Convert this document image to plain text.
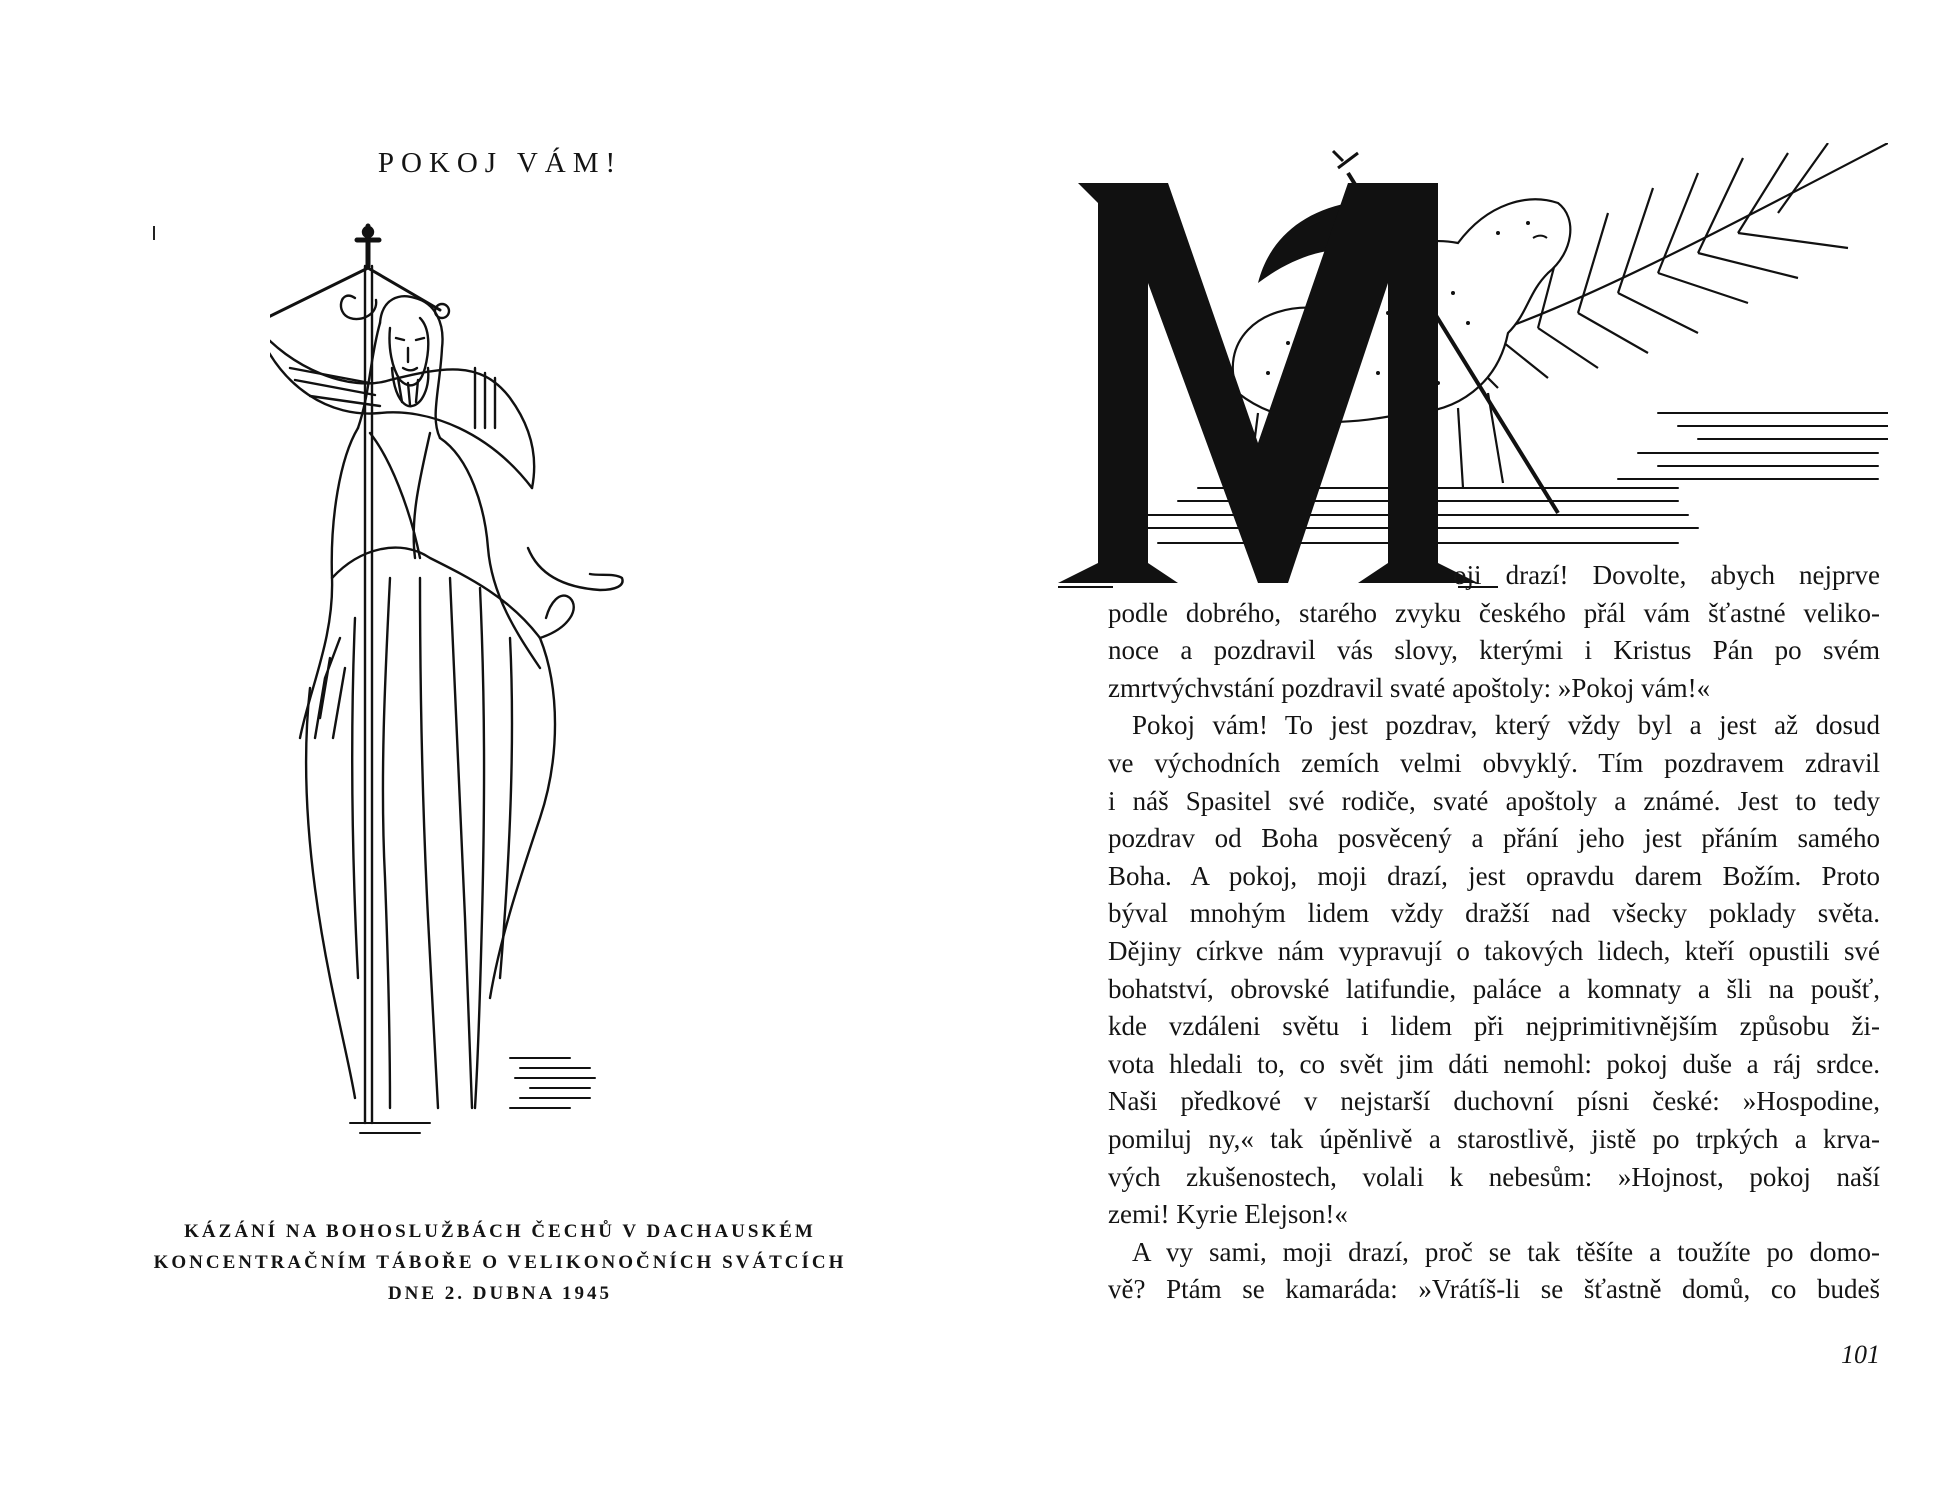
POKOJ VÁM!
KÁZÁNÍ NA BOHOSLUŽBÁCH ČECHŮ V DACHAUSKÉM
KONCENTRAČNÍM TÁBOŘE O VELIKONOČNÍCH SVÁTCÍCH
DNE 2. DUBNA 1945
M
oji drazí! Dovolte, abych nejprve
podle dobrého, starého zvyku českého přál vám šťastné veliko-
noce a pozdravil vás slovy, kterými i Kristus Pán po svém
zmrtvýchvstání pozdravil svaté apoštoly: »Pokoj vám!«
Pokoj vám! To jest pozdrav, který vždy byl a jest až dosud
ve východních zemích velmi obvyklý. Tím pozdravem zdravil
i náš Spasitel své rodiče, svaté apoštoly a známé. Jest to tedy
pozdrav od Boha posvěcený a přání jeho jest přáním samého
Boha. A pokoj, moji drazí, jest opravdu darem Božím. Proto
býval mnohým lidem vždy dražší nad všecky poklady světa.
Dějiny církve nám vypravují o takových lidech, kteří opustili své
bohatství, obrovské latifundie, paláce a komnaty a šli na poušť,
kde vzdáleni světu i lidem při nejprimitivnějším způsobu ži-
vota hledali to, co svět jim dáti nemohl: pokoj duše a ráj srdce.
Naši předkové v nejstarší duchovní písni české: »Hospodine,
pomiluj ny,« tak úpěnlivě a starostlivě, jistě po trpkých a krva-
vých zkušenostech, volali k nebesům: »Hojnost, pokoj naší
zemi! Kyrie Elejson!«
A vy sami, moji drazí, proč se tak těšíte a toužíte po domo-
vě? Ptám se kamaráda: »Vrátíš-li se šťastně domů, co budeš
101
